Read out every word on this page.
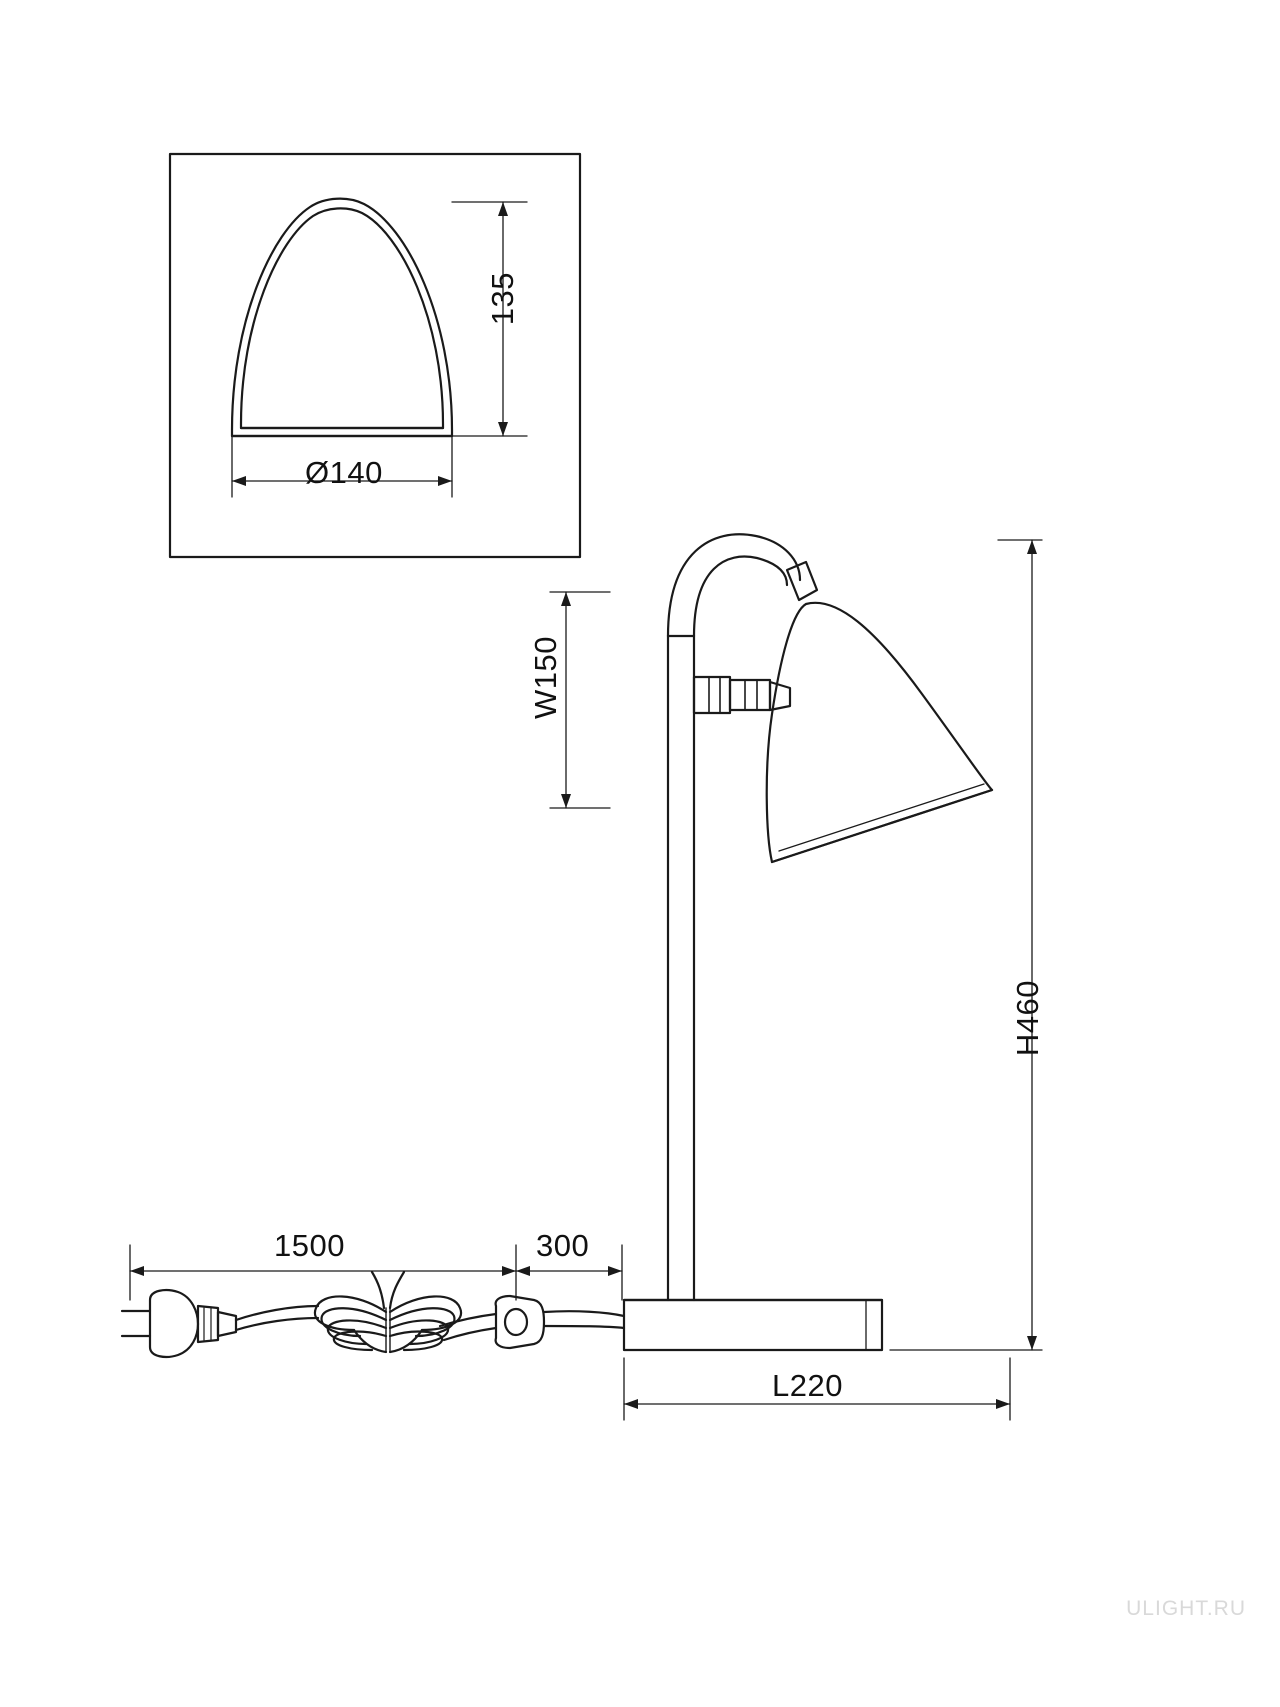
135
Ø140
W150
H460
L220
1500	300
ULIGHT.RU
